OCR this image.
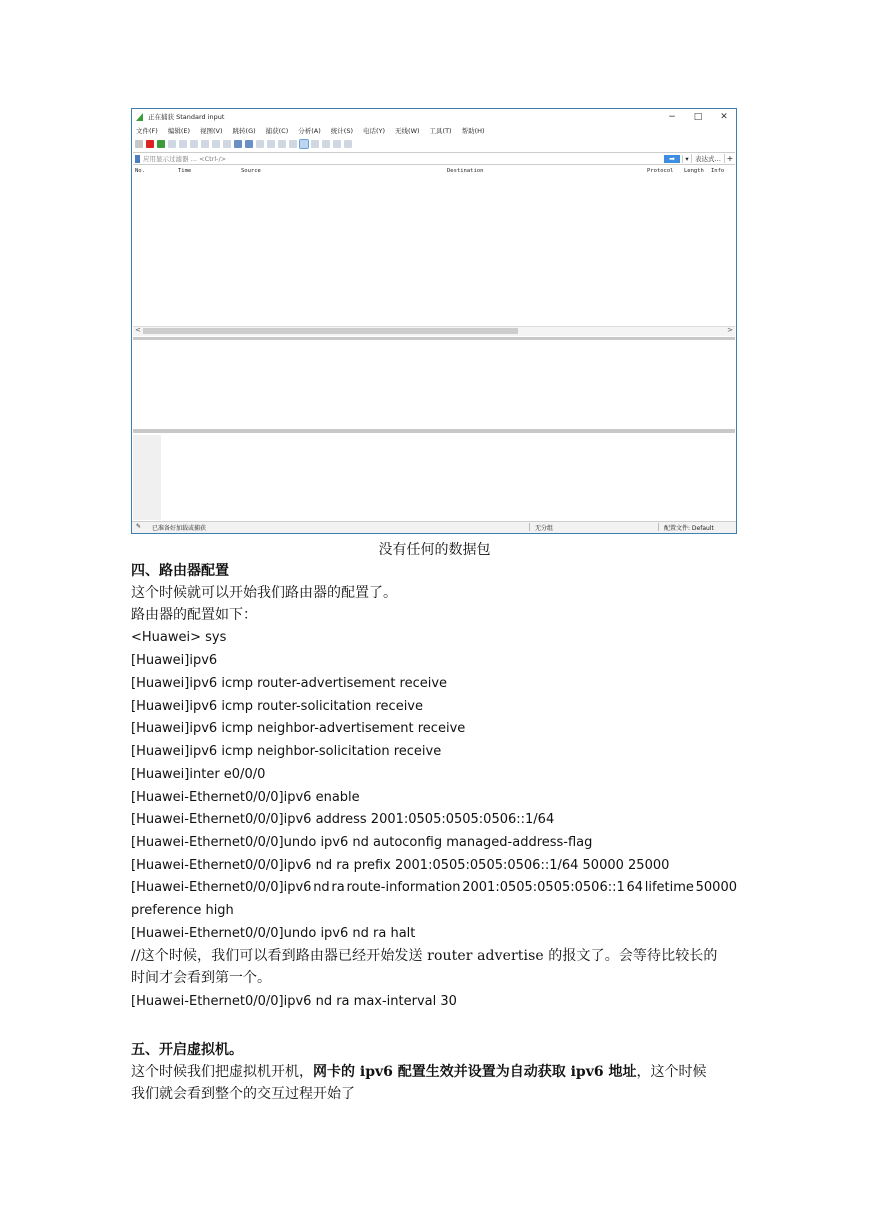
正在捕获 Standard input	− □ ✕
文件(F) 编辑(E) 视图(V) 跳转(G) 捕获(C) 分析(A) 统计(S) 电话(Y) 无线(W) 工具(T) 帮助(H)
应用显示过滤器 … <Ctrl-/>	➡	▾ 表达式… +
No.	Time	Source	Destination	Protocol Length Info
<	>
✎ 已准备好加载或捕获	无分组	配置文件: Default
没有任何的数据包
四、路由器配置
这个时候就可以开始我们路由器的配置了。
路由器的配置如下：
<Huawei> sys
[Huawei]ipv6
[Huawei]ipv6 icmp router-advertisement receive
[Huawei]ipv6 icmp router-solicitation receive
[Huawei]ipv6 icmp neighbor-advertisement receive
[Huawei]ipv6 icmp neighbor-solicitation receive
[Huawei]inter e0/0/0
[Huawei-Ethernet0/0/0]ipv6 enable
[Huawei-Ethernet0/0/0]ipv6 address 2001:0505:0505:0506::1/64
[Huawei-Ethernet0/0/0]undo ipv6 nd autoconfig managed-address-flag
[Huawei-Ethernet0/0/0]ipv6 nd ra prefix 2001:0505:0505:0506::1/64 50000 25000
[Huawei-Ethernet0/0/0]ipv6 nd ra route-information 2001:0505:0505:0506::1 64 lifetime 50000
preference high
[Huawei-Ethernet0/0/0]undo ipv6 nd ra halt
//这个时候，我们可以看到路由器已经开始发送 router advertise 的报文了。会等待比较长的
时间才会看到第一个。
[Huawei-Ethernet0/0/0]ipv6 nd ra max-interval 30
五、开启虚拟机。
这个时候我们把虚拟机开机，网卡的 ipv6 配置生效并设置为自动获取 ipv6 地址，这个时候
我们就会看到整个的交互过程开始了
